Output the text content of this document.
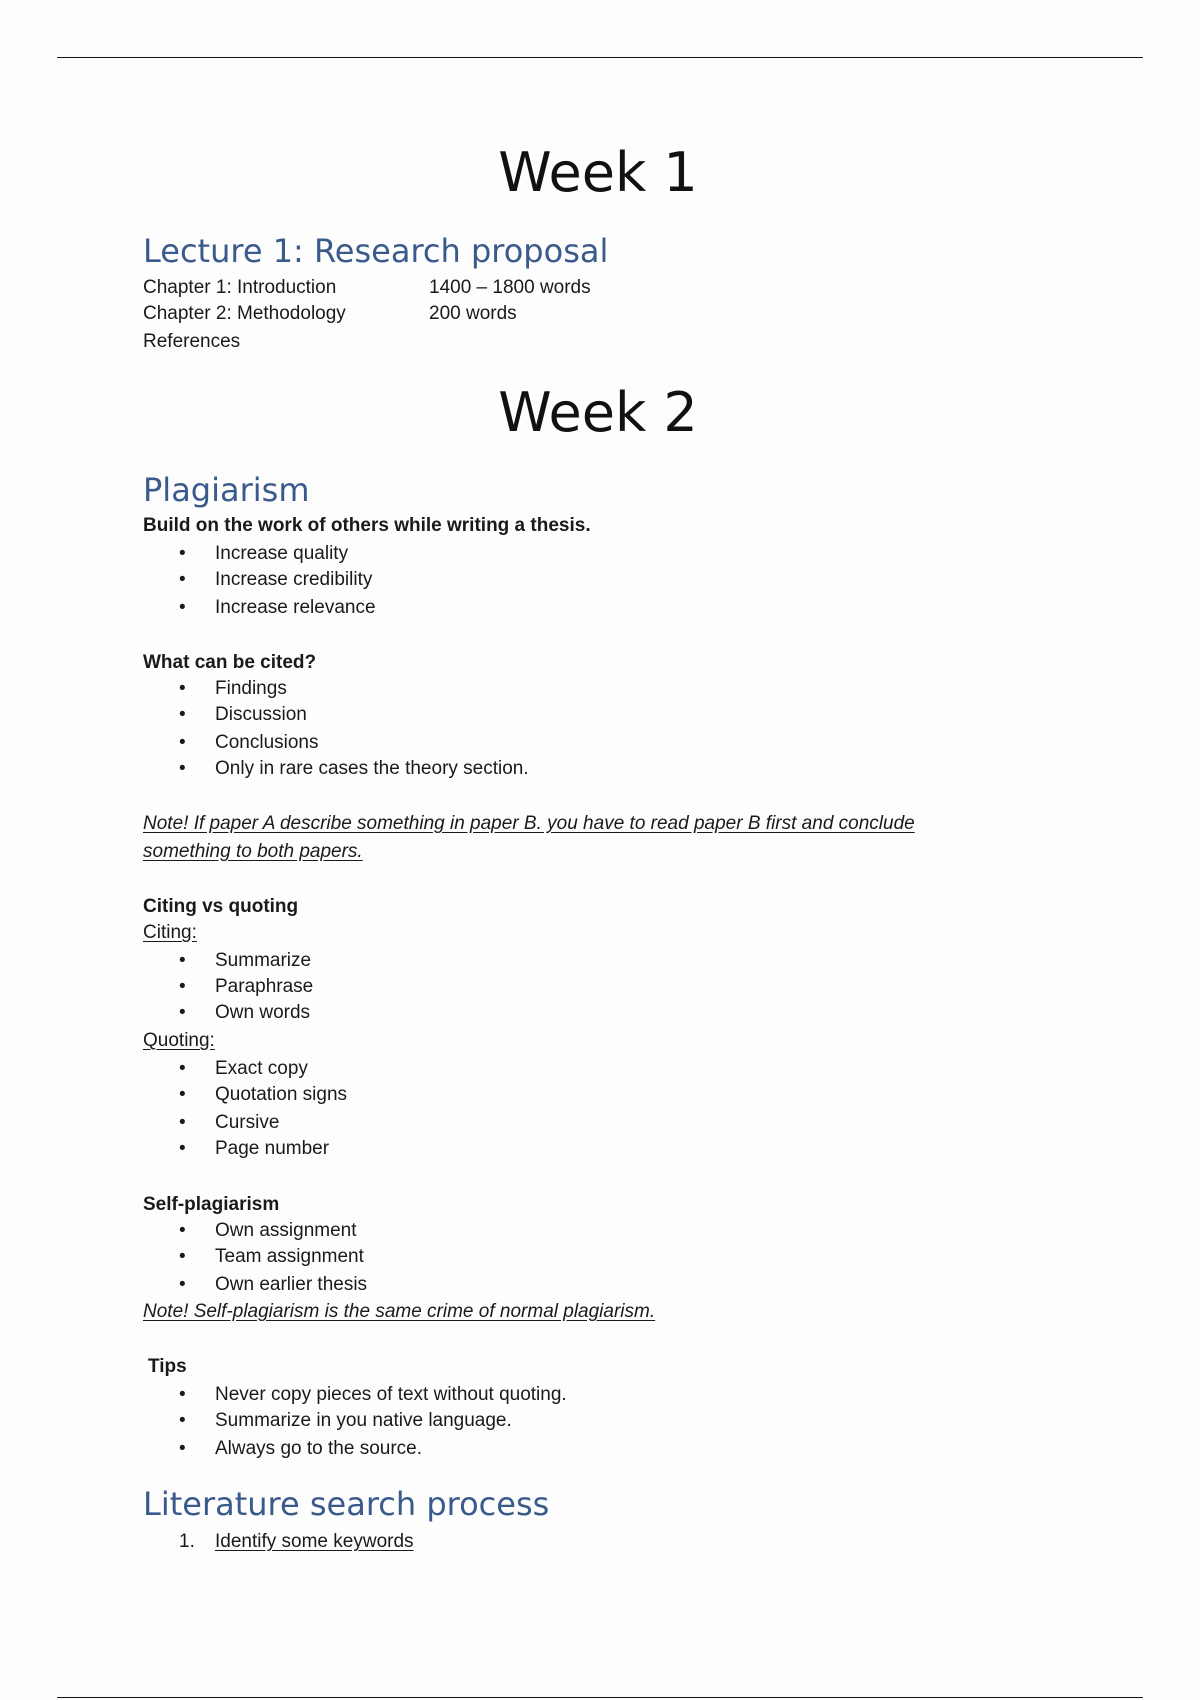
Week 1
Lecture 1: Research proposal
Chapter 1: Introduction	1400 – 1800 words
Chapter 2: Methodology	200 words
References
Week 2
Plagiarism
Build on the work of others while writing a thesis.
• Increase quality
• Increase credibility
• Increase relevance
What can be cited?
• Findings
• Discussion
• Conclusions
• Only in rare cases the theory section.
Note! If paper A describe something in paper B. you have to read paper B first and conclude
something to both papers.
Citing vs quoting
Citing:
• Summarize
• Paraphrase
• Own words
Quoting:
• Exact copy
• Quotation signs
• Cursive
• Page number
Self-plagiarism
• Own assignment
• Team assignment
• Own earlier thesis
Note! Self-plagiarism is the same crime of normal plagiarism.
Tips
• Never copy pieces of text without quoting.
• Summarize in you native language.
• Always go to the source.
Literature search process
1. Identify some keywords
